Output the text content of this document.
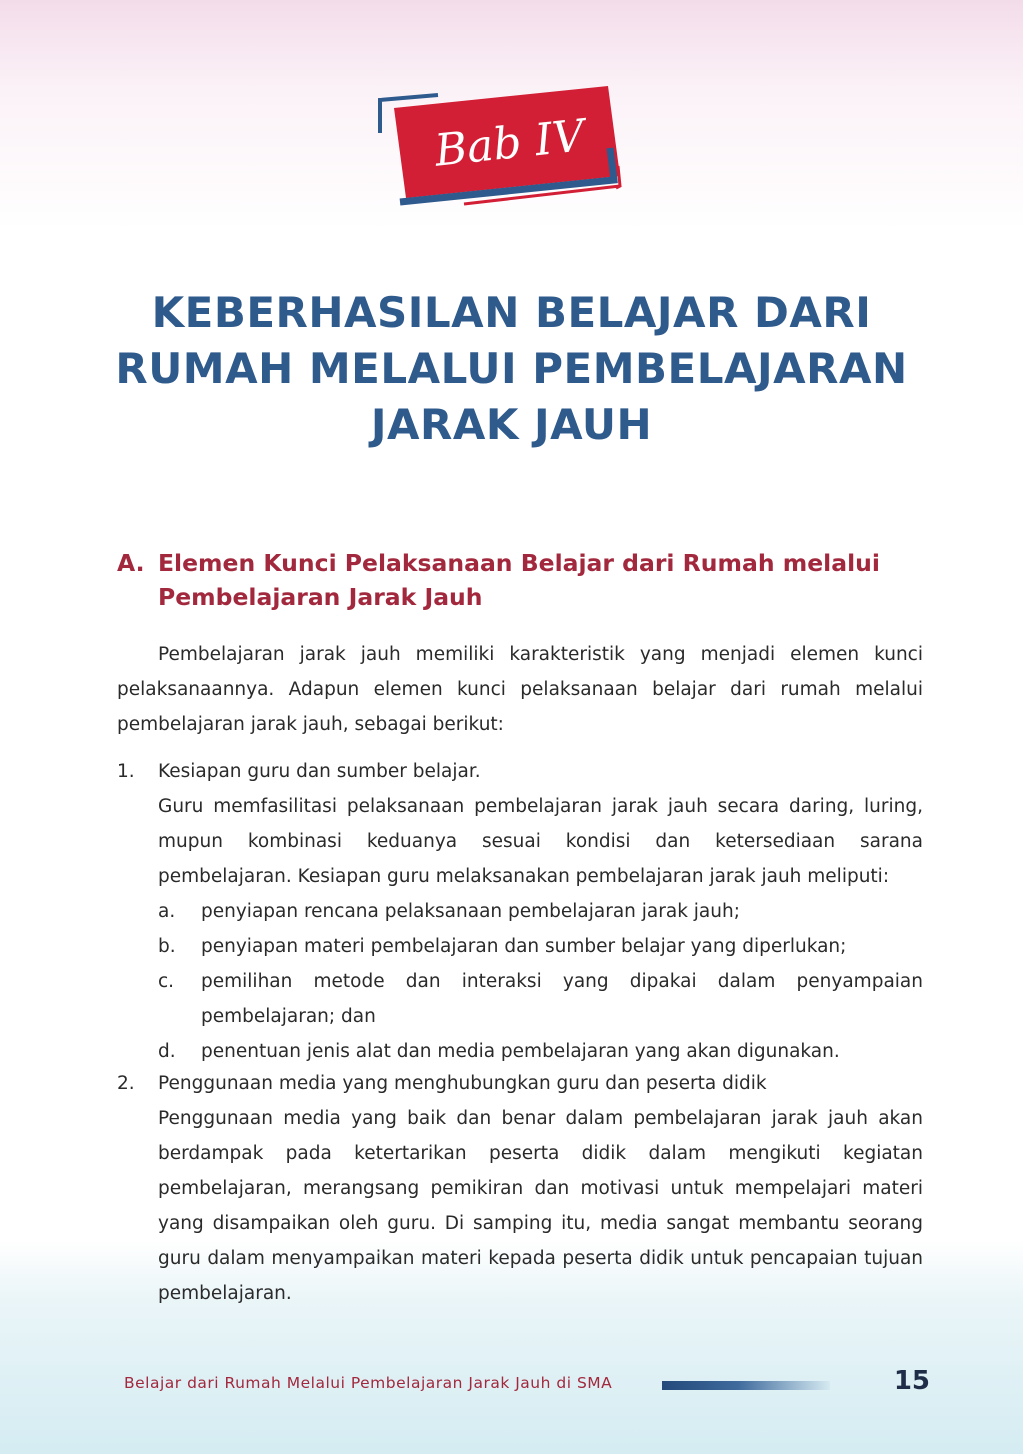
Bab IV
KEBERHASILAN BELAJAR DARI
RUMAH MELALUI PEMBELAJARAN
JARAK JAUH
A. Elemen Kunci Pelaksanaan Belajar dari Rumah melalui Pembelajaran Jarak Jauh

Pembelajaran jarak jauh memiliki karakteristik yang menjadi elemen kunci pelaksanaannya. Adapun elemen kunci pelaksanaan belajar dari rumah melalui pembelajaran jarak jauh, sebagai berikut:

1.	Kesiapan guru dan sumber belajar.

Guru memfasilitasi pelaksanaan pembelajaran jarak jauh secara daring, luring, mupun kombinasi keduanya sesuai kondisi dan ketersediaan sarana pembelajaran. Kesiapan guru melaksanakan pembelajaran jarak jauh meliputi:

a.	penyiapan rencana pelaksanaan pembelajaran jarak jauh;
b.	penyiapan materi pembelajaran dan sumber belajar yang diperlukan;
c.	pemilihan metode dan interaksi yang dipakai dalam penyampaian pembelajaran; dan
d.	penentuan jenis alat dan media pembelajaran yang akan digunakan.
2.	Penggunaan media yang menghubungkan guru dan peserta didik

Penggunaan media yang baik dan benar dalam pembelajaran jarak jauh akan berdampak pada ketertarikan peserta didik dalam mengikuti kegiatan pembelajaran, merangsang pemikiran dan motivasi untuk mempelajari materi yang disampaikan oleh guru. Di samping itu, media sangat membantu seorang guru dalam menyampaikan materi kepada peserta didik untuk pencapaian tujuan pembelajaran.

Belajar dari Rumah Melalui Pembelajaran Jarak Jauh di SMA	15
